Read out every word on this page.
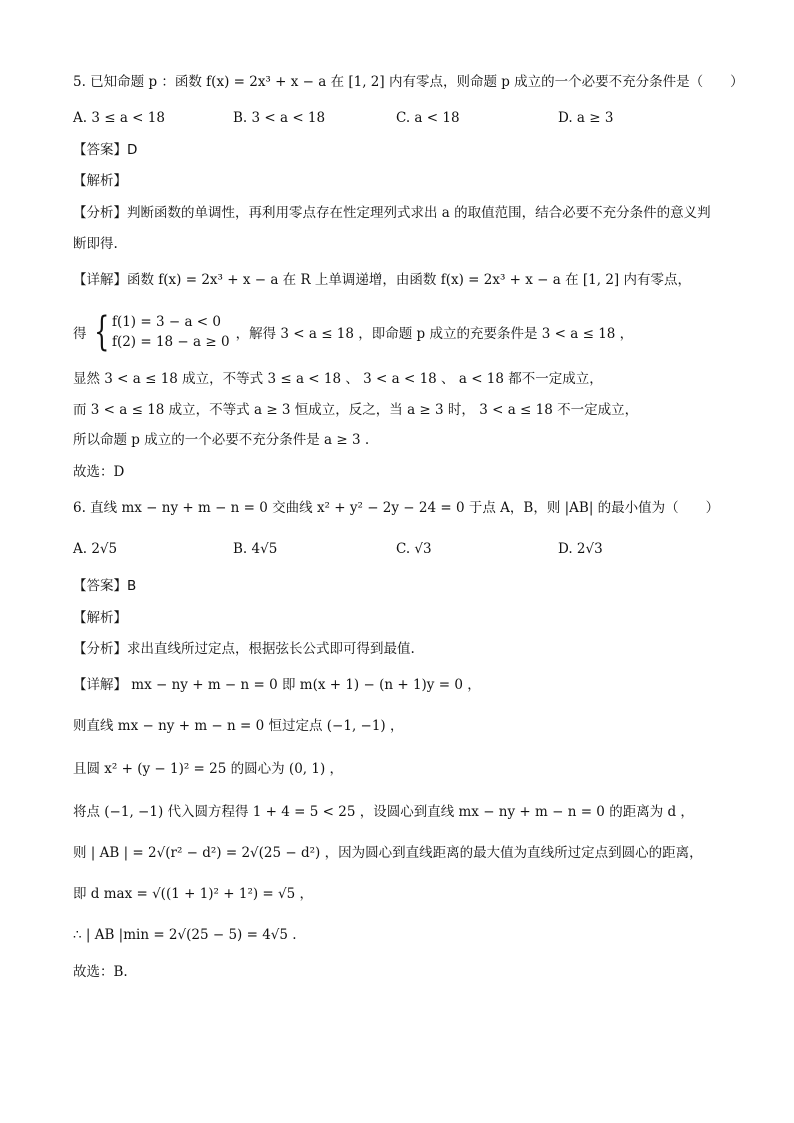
5. 已知命题 p ：函数 f(x) = 2x³ + x − a 在 [1, 2] 内有零点，则命题 p 成立的一个必要不充分条件是（　　）
A. 3 ≤ a < 18	B. 3 < a < 18	C. a < 18	D. a ≥ 3
【答案】D
【解析】
【分析】判断函数的单调性，再利用零点存在性定理列式求出 a 的取值范围，结合必要不充分条件的意义判
断即得.
【详解】函数 f(x) = 2x³ + x − a 在 R 上单调递增，由函数 f(x) = 2x³ + x − a 在 [1, 2] 内有零点，
得 { f(1) = 3 − a < 0
f(2) = 18 − a ≥ 0 ，解得 3 < a ≤ 18 ，即命题 p 成立的充要条件是 3 < a ≤ 18 ，
显然 3 < a ≤ 18 成立，不等式 3 ≤ a < 18 、 3 < a < 18 、 a < 18 都不一定成立，
而 3 < a ≤ 18 成立，不等式 a ≥ 3 恒成立，反之，当 a ≥ 3 时， 3 < a ≤ 18 不一定成立，
所以命题 p 成立的一个必要不充分条件是 a ≥ 3 .
故选：D
6. 直线 mx − ny + m − n = 0 交曲线 x² + y² − 2y − 24 = 0 于点 A，B，则 |AB| 的最小值为（　　）
A. 2√5	B. 4√5	C. √3	D. 2√3
【答案】B
【解析】
【分析】求出直线所过定点，根据弦长公式即可得到最值.
【详解】 mx − ny + m − n = 0 即 m(x + 1) − (n + 1)y = 0 ，
则直线 mx − ny + m − n = 0 恒过定点 (−1, −1) ，
且圆 x² + (y − 1)² = 25 的圆心为 (0, 1) ，
将点 (−1, −1) 代入圆方程得 1 + 4 = 5 < 25 ，设圆心到直线 mx − ny + m − n = 0 的距离为 d ，
则 | AB | = 2√(r² − d²) = 2√(25 − d²) ，因为圆心到直线距离的最大值为直线所过定点到圆心的距离，
即 d max = √((1 + 1)² + 1²) = √5 ，
∴ | AB |min = 2√(25 − 5) = 4√5 .
故选：B.
